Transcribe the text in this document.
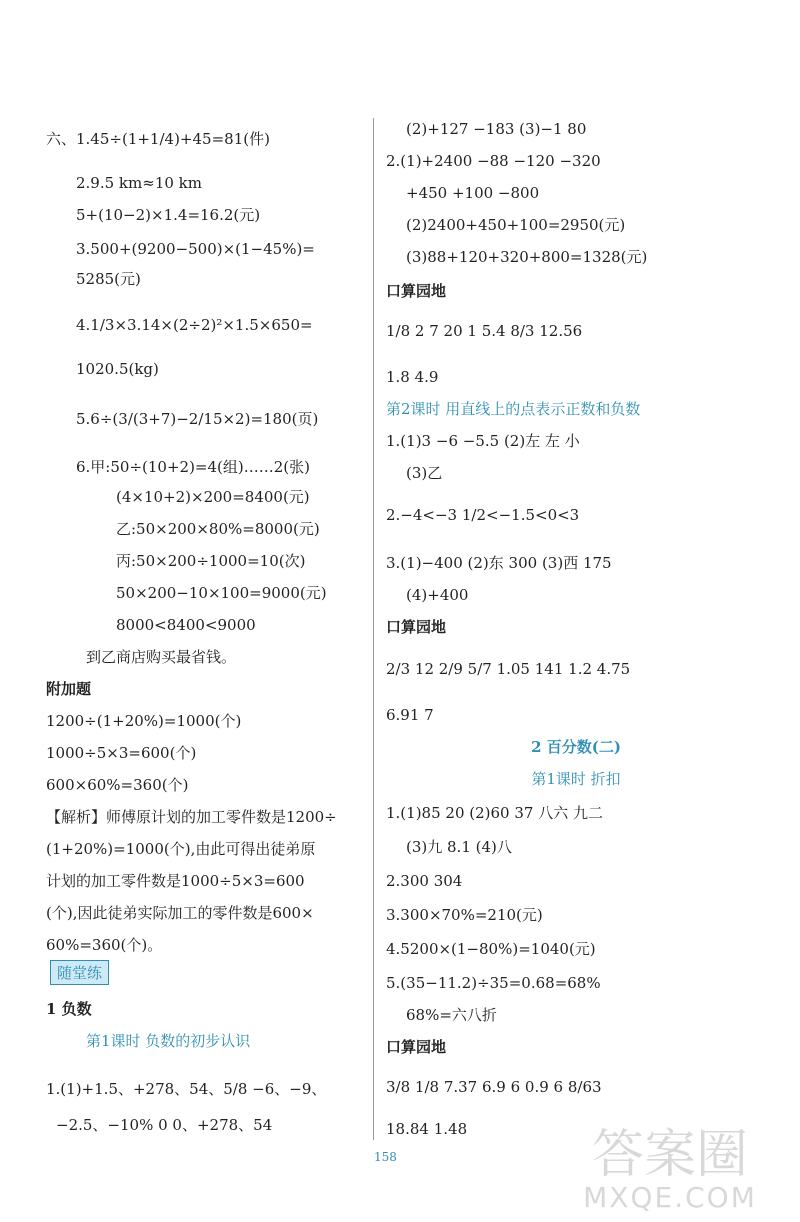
六、1.45÷(1+1/4)+45=81(件)
2.9.5 km≈10 km
5+(10−2)×1.4=16.2(元)
3.500+(9200−500)×(1−45%)=
5285(元)
4.1/3×3.14×(2÷2)²×1.5×650=
1020.5(kg)
5.6÷(3/(3+7)−2/15×2)=180(页)
6.甲:50÷(10+2)=4(组)……2(张)
(4×10+2)×200=8400(元)
乙:50×200×80%=8000(元)
丙:50×200÷1000=10(次)
50×200−10×100=9000(元)
8000<8400<9000
到乙商店购买最省钱。
附加题
1200÷(1+20%)=1000(个)
1000÷5×3=600(个)
600×60%=360(个)
【解析】师傅原计划的加工零件数是1200÷
(1+20%)=1000(个),由此可得出徒弟原
计划的加工零件数是1000÷5×3=600
(个),因此徒弟实际加工的零件数是600×
60%=360(个)。
1 负数
第1课时 负数的初步认识
1.(1)+1.5、+278、54、5/8 −6、−9、
−2.5、−10% 0 0、+278、54
随堂练
(2)+127 −183 (3)−1 80
2.(1)+2400 −88 −120 −320
+450 +100 −800
(2)2400+450+100=2950(元)
(3)88+120+320+800=1328(元)
口算园地
1/8 2 7 20 1 5.4 8/3 12.56
1.8 4.9
第2课时 用直线上的点表示正数和负数
1.(1)3 −6 −5.5 (2)左 左 小
(3)乙
2.−4<−3 1/2<−1.5<0<3
3.(1)−400 (2)东 300 (3)西 175
(4)+400
口算园地
2/3 12 2/9 5/7 1.05 141 1.2 4.75
6.91 7
2 百分数(二)
第1课时 折扣
1.(1)85 20 (2)60 37 八六 九二
(3)九 8.1 (4)八
2.300 304
3.300×70%=210(元)
4.5200×(1−80%)=1040(元)
5.(35−11.2)÷35=0.68=68%
68%=六八折
口算园地
3/8 1/8 7.37 6.9 6 0.9 6 8/63
18.84 1.48
158	答案圈
MXQE.COM
